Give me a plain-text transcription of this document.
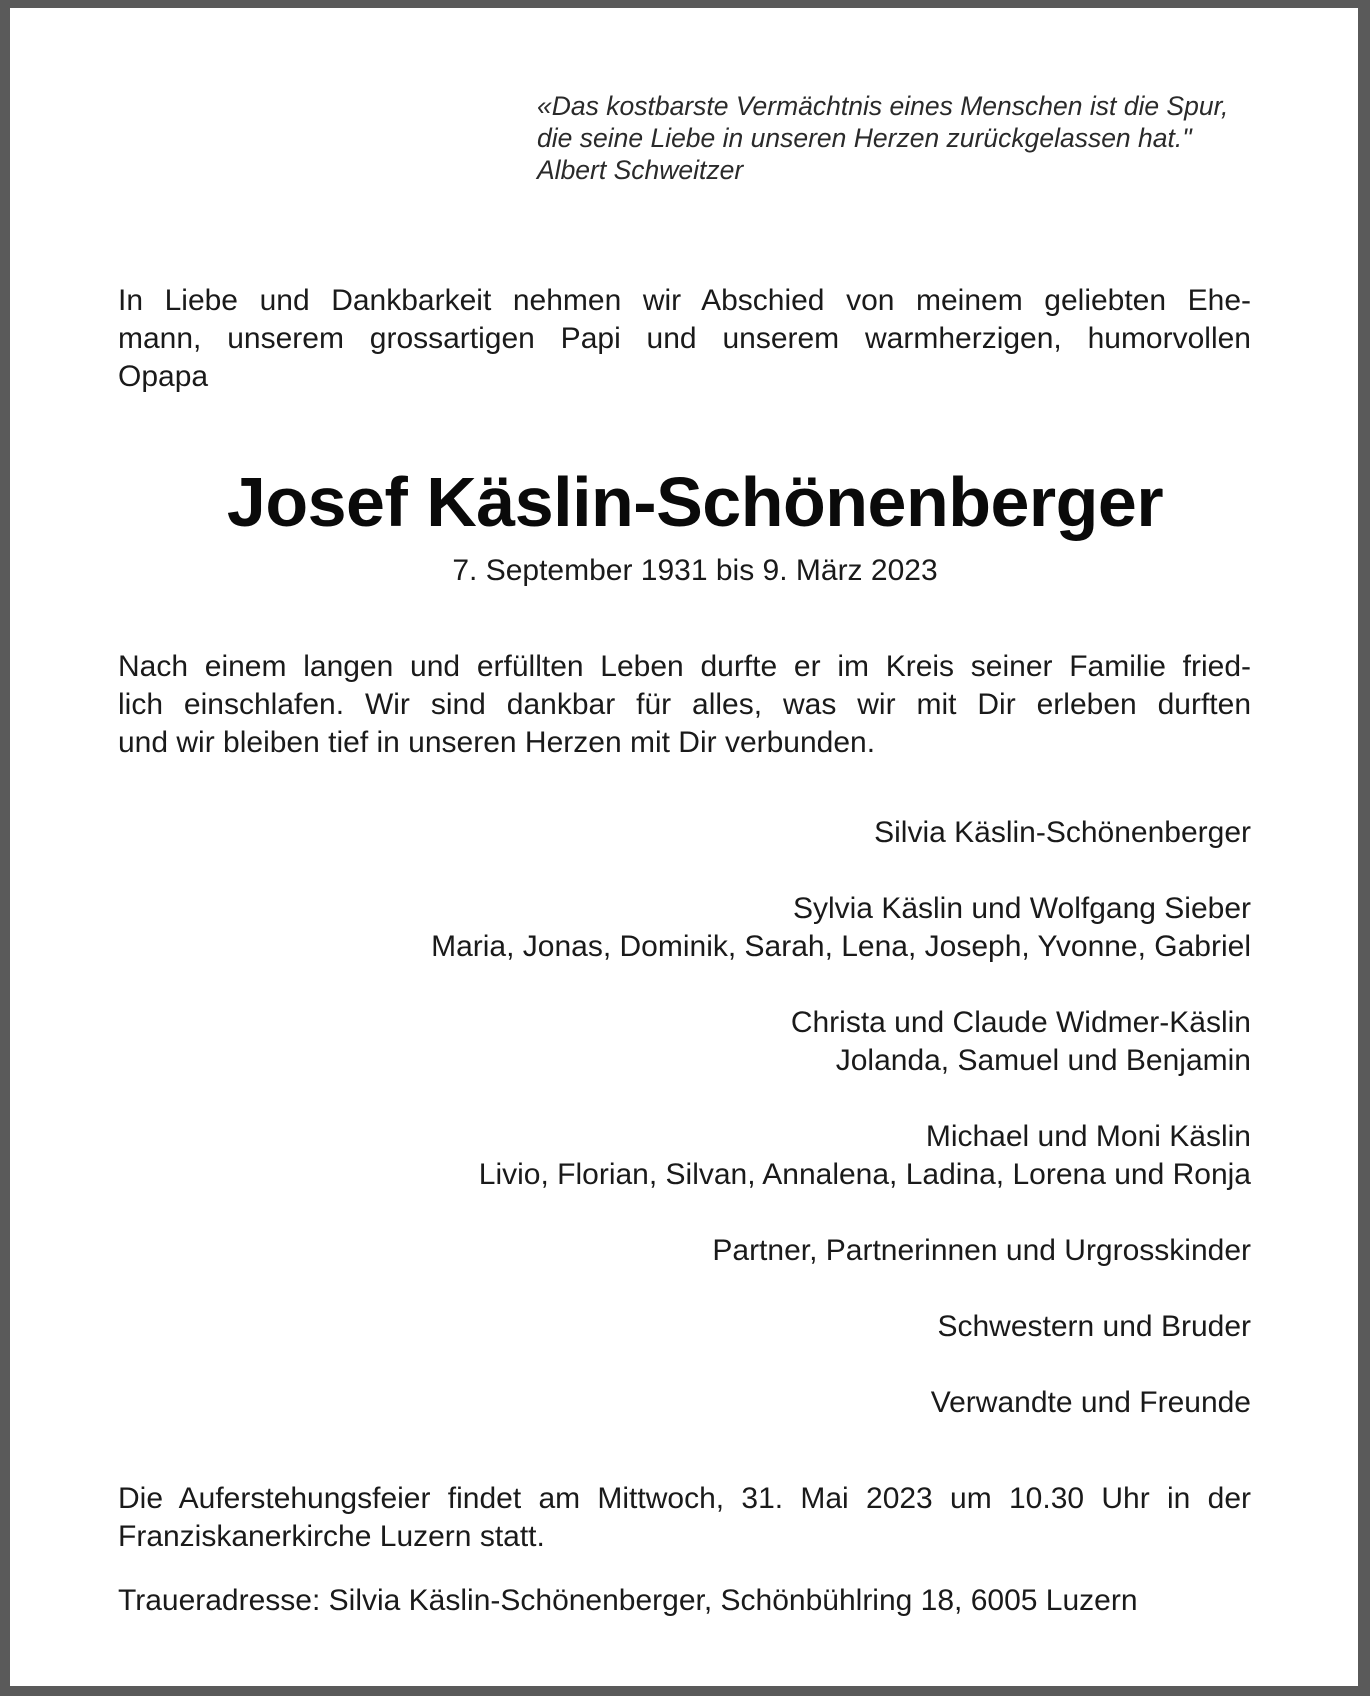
«Das kostbarste Vermächtnis eines Menschen ist die Spur,
die seine Liebe in unseren Herzen zurückgelassen hat."
Albert Schweitzer
In Liebe und Dankbarkeit nehmen wir Abschied von meinem geliebten Ehe-
mann, unserem grossartigen Papi und unserem warmherzigen, humorvollen
Opapa
Josef Käslin-Schönenberger
7. September 1931 bis 9. März 2023
Nach einem langen und erfüllten Leben durfte er im Kreis seiner Familie fried-
lich einschlafen. Wir sind dankbar für alles, was wir mit Dir erleben durften
und wir bleiben tief in unseren Herzen mit Dir verbunden.
Silvia Käslin-Schönenberger
Sylvia Käslin und Wolfgang Sieber
Maria, Jonas, Dominik, Sarah, Lena, Joseph, Yvonne, Gabriel
Christa und Claude Widmer-Käslin
Jolanda, Samuel und Benjamin
Michael und Moni Käslin
Livio, Florian, Silvan, Annalena, Ladina, Lorena und Ronja
Partner, Partnerinnen und Urgrosskinder
Schwestern und Bruder
Verwandte und Freunde
Die Auferstehungsfeier findet am Mittwoch, 31. Mai 2023 um 10.30 Uhr in der
Franziskanerkirche Luzern statt.
Traueradresse: Silvia Käslin-Schönenberger, Schönbühlring 18, 6005 Luzern
